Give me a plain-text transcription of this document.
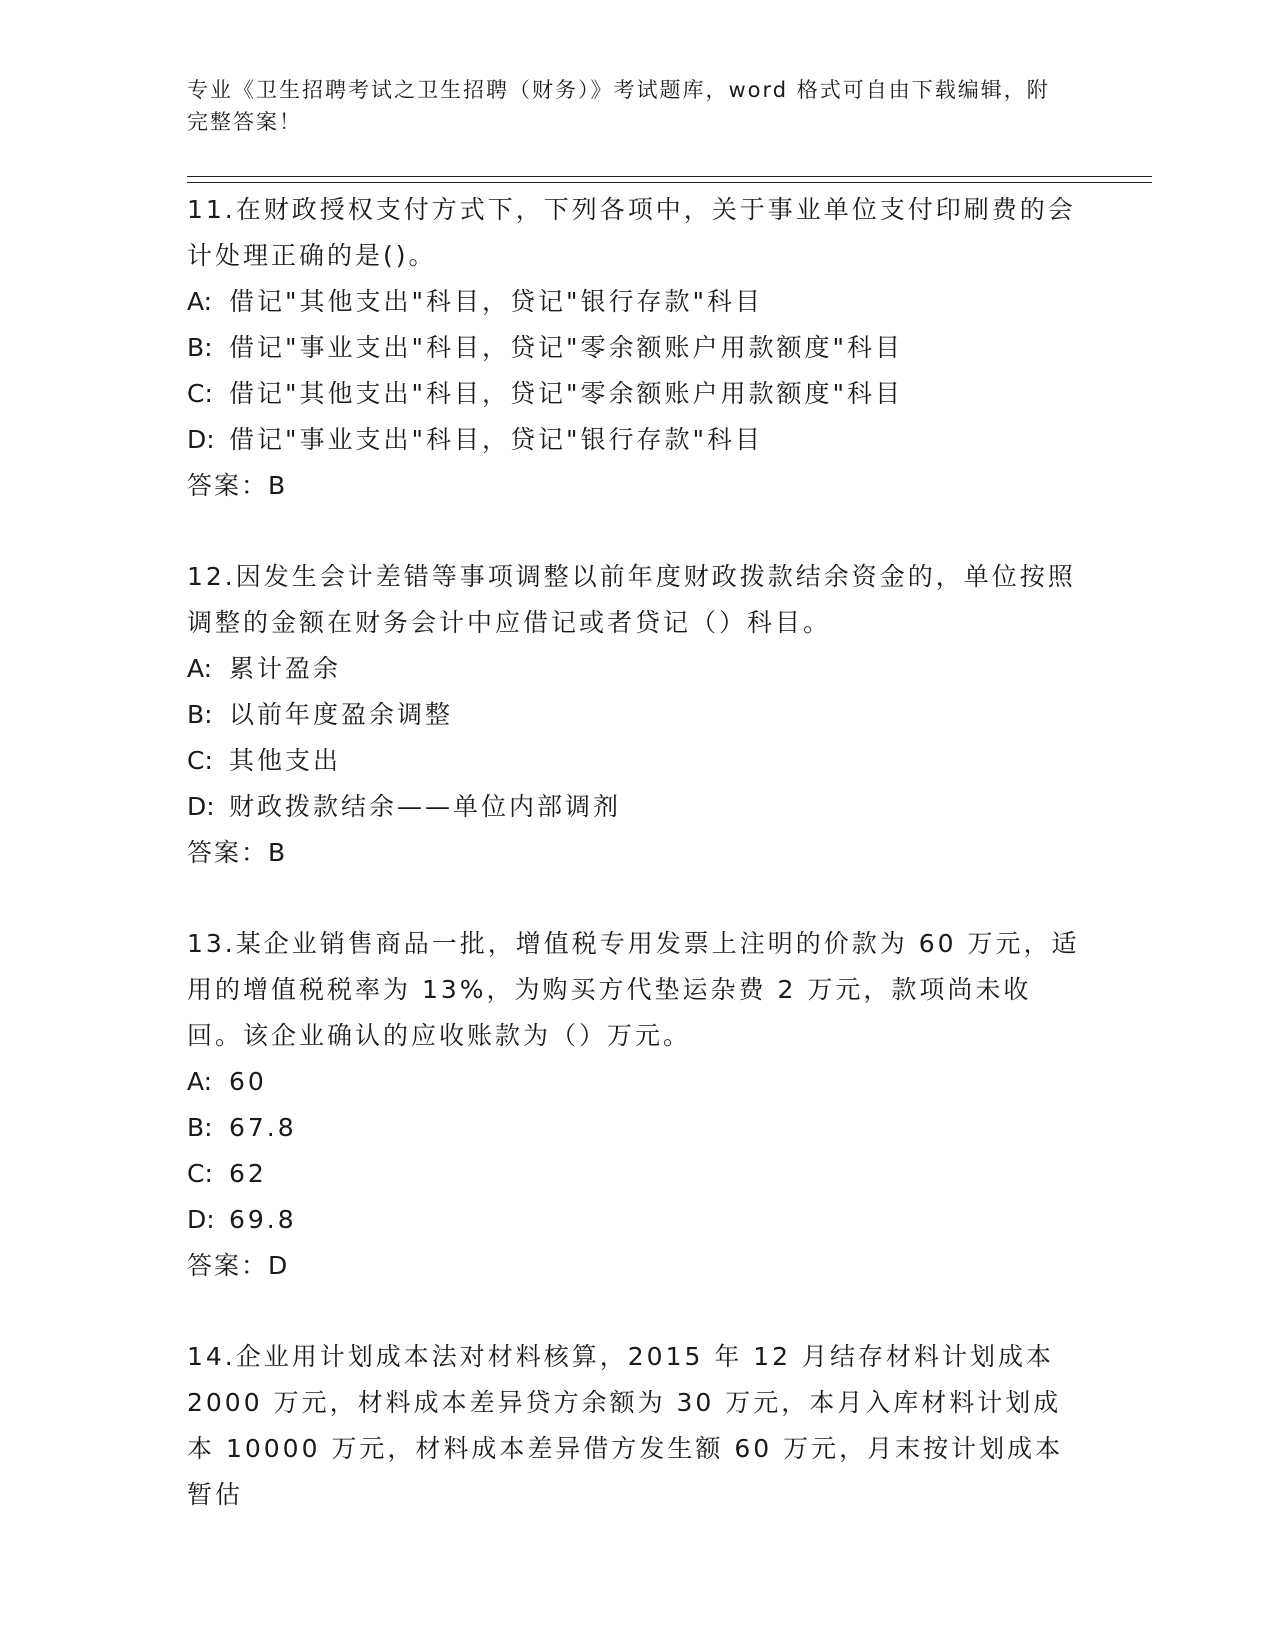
专业《卫生招聘考试之卫生招聘（财务）》考试题库，word 格式可自由下载编辑，附完整答案！

11.在财政授权支付方式下，下列各项中，关于事业单位支付印刷费的会计处理正确的是()。

A: 借记"其他支出"科目，贷记"银行存款"科目

B: 借记"事业支出"科目，贷记"零余额账户用款额度"科目

C: 借记"其他支出"科目，贷记"零余额账户用款额度"科目

D: 借记"事业支出"科目，贷记"银行存款"科目

答案：B

12.因发生会计差错等事项调整以前年度财政拨款结余资金的，单位按照调整的金额在财务会计中应借记或者贷记（）科目。

A: 累计盈余

B: 以前年度盈余调整

C: 其他支出

D: 财政拨款结余——单位内部调剂

答案：B

13.某企业销售商品一批，增值税专用发票上注明的价款为 60 万元，适用的增值税税率为 13%，为购买方代垫运杂费 2 万元，款项尚未收回。该企业确认的应收账款为（）万元。

A: 60

B: 67.8

C: 62

D: 69.8

答案：D

14.企业用计划成本法对材料核算，2015 年 12 月结存材料计划成本 2000 万元，材料成本差异贷方余额为 30 万元，本月入库材料计划成本 10000 万元，材料成本差异借方发生额 60 万元，月末按计划成本暂估
